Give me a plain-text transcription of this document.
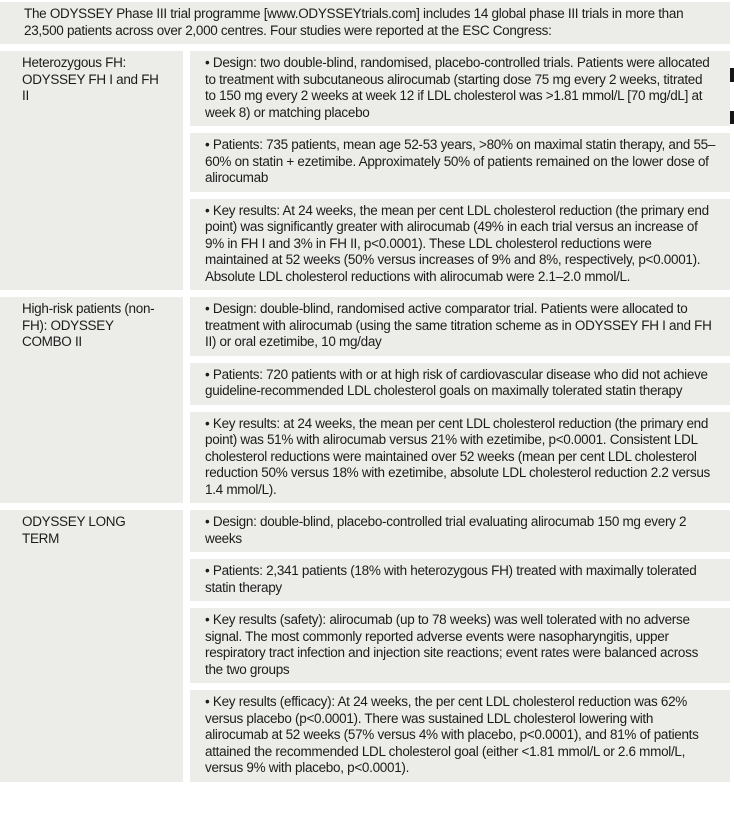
The ODYSSEY Phase III trial programme [www.ODYSSEYtrials.com] includes 14 global phase III trials in more than 23,500 patients across over 2,000 centres. Four studies were reported at the ESC Congress:
Heterozygous FH: ODYSSEY FH I and FH II
• Design: two double-blind, randomised, placebo-controlled trials. Patients were allocated to treatment with subcutaneous alirocumab (starting dose 75 mg every 2 weeks, titrated to 150 mg every 2 weeks at week 12 if LDL cholesterol was >1.81 mmol/L [70 mg/dL] at week 8) or matching placebo
• Patients: 735 patients, mean age 52-53 years, >80% on maximal statin therapy, and 55–60% on statin + ezetimibe. Approximately 50% of patients remained on the lower dose of alirocumab
• Key results: At 24 weeks, the mean per cent LDL cholesterol reduction (the primary end point) was significantly greater with alirocumab (49% in each trial versus an increase of 9% in FH I and 3% in FH II, p<0.0001). These LDL cholesterol reductions were maintained at 52 weeks (50% versus increases of 9% and 8%, respectively, p<0.0001). Absolute LDL cholesterol reductions with alirocumab were 2.1–2.0 mmol/L.
High-risk patients (non-FH): ODYSSEY COMBO II
• Design: double-blind, randomised active comparator trial. Patients were allocated to treatment with alirocumab (using the same titration scheme as in ODYSSEY FH I and FH II) or oral ezetimibe, 10 mg/day
• Patients: 720 patients with or at high risk of cardiovascular disease who did not achieve guideline-recommended LDL cholesterol goals on maximally tolerated statin therapy
• Key results: at 24 weeks, the mean per cent LDL cholesterol reduction (the primary end point) was 51% with alirocumab versus 21% with ezetimibe, p<0.0001. Consistent LDL cholesterol reductions were maintained over 52 weeks (mean per cent LDL cholesterol reduction 50% versus 18% with ezetimibe, absolute LDL cholesterol reduction 2.2 versus 1.4 mmol/L).
ODYSSEY LONG TERM
• Design: double-blind, placebo-controlled trial evaluating alirocumab 150 mg every 2 weeks
• Patients: 2,341 patients (18% with heterozygous FH) treated with maximally tolerated statin therapy
• Key results (safety): alirocumab (up to 78 weeks) was well tolerated with no adverse signal. The most commonly reported adverse events were nasopharyngitis, upper respiratory tract infection and injection site reactions; event rates were balanced across the two groups
• Key results (efficacy): At 24 weeks, the per cent LDL cholesterol reduction was 62% versus placebo (p<0.0001). There was sustained LDL cholesterol lowering with alirocumab at 52 weeks (57% versus 4% with placebo, p<0.0001), and 81% of patients attained the recommended LDL cholesterol goal (either <1.81 mmol/L or 2.6 mmol/L, versus 9% with placebo, p<0.0001).
